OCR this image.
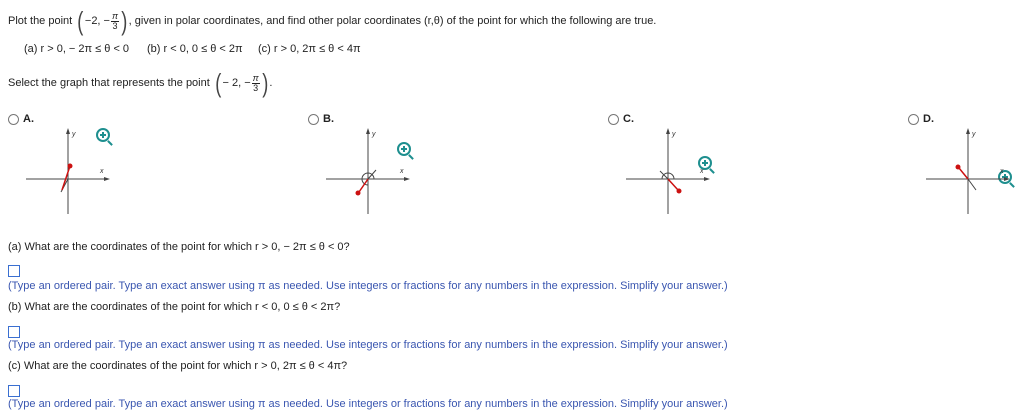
Plot the point ( −2, − $\frac{\pi}{3}$ ) , given in polar coordinates, and find other polar coordinates (r,θ) of the point for which the following are true.
(a) r > 0, − 2π ≤ θ < 0 (b) r < 0, 0 ≤ θ < 2π (c) r > 0, 2π ≤ θ < 4π
Select the graph that represents the point ( − 2, − $\frac{\pi}{3}$ ) .
A.	B.	C.	D.
y
x
y
x
y
x
y
x
(a) What are the coordinates of the point for which r > 0, − 2π ≤ θ < 0?
(Type an ordered pair. Type an exact answer using π as needed. Use integers or fractions for any numbers in the expression. Simplify your answer.)
(b) What are the coordinates of the point for which r < 0, 0 ≤ θ < 2π?
(Type an ordered pair. Type an exact answer using π as needed. Use integers or fractions for any numbers in the expression. Simplify your answer.)
(c) What are the coordinates of the point for which r > 0, 2π ≤ θ < 4π?
(Type an ordered pair. Type an exact answer using π as needed. Use integers or fractions for any numbers in the expression. Simplify your answer.)
